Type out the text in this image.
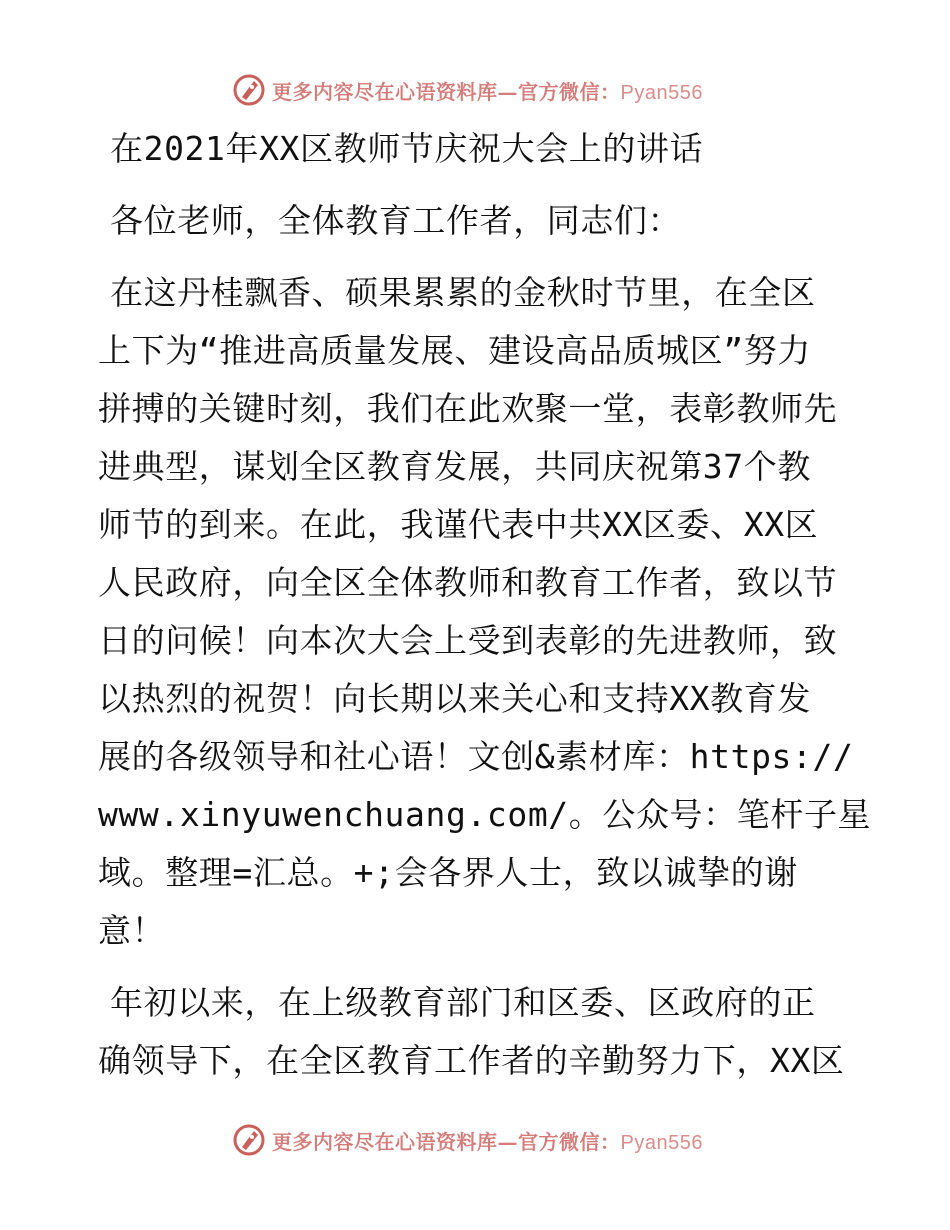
更多内容尽在心语资料库—官方微信：Pyan556
在2021年XX区教师节庆祝大会上的讲话
各位老师，全体教育工作者，同志们：
在这丹桂飘香、硕果累累的金秋时节里，在全区
上下为“推进高质量发展、建设高品质城区”努力
拼搏的关键时刻，我们在此欢聚一堂，表彰教师先
进典型，谋划全区教育发展，共同庆祝第37个教
师节的到来。在此，我谨代表中共XX区委、XX区
人民政府，向全区全体教师和教育工作者，致以节
日的问候！向本次大会上受到表彰的先进教师，致
以热烈的祝贺！向长期以来关心和支持XX教育发
展的各级领导和社心语！文创&素材库：https://
www.xinyuwenchuang.com/。公众号：笔杆子星
域。整理=汇总。+;会各界人士，致以诚挚的谢
意！
年初以来，在上级教育部门和区委、区政府的正
确领导下，在全区教育工作者的辛勤努力下，XX区
更多内容尽在心语资料库—官方微信：Pyan556
